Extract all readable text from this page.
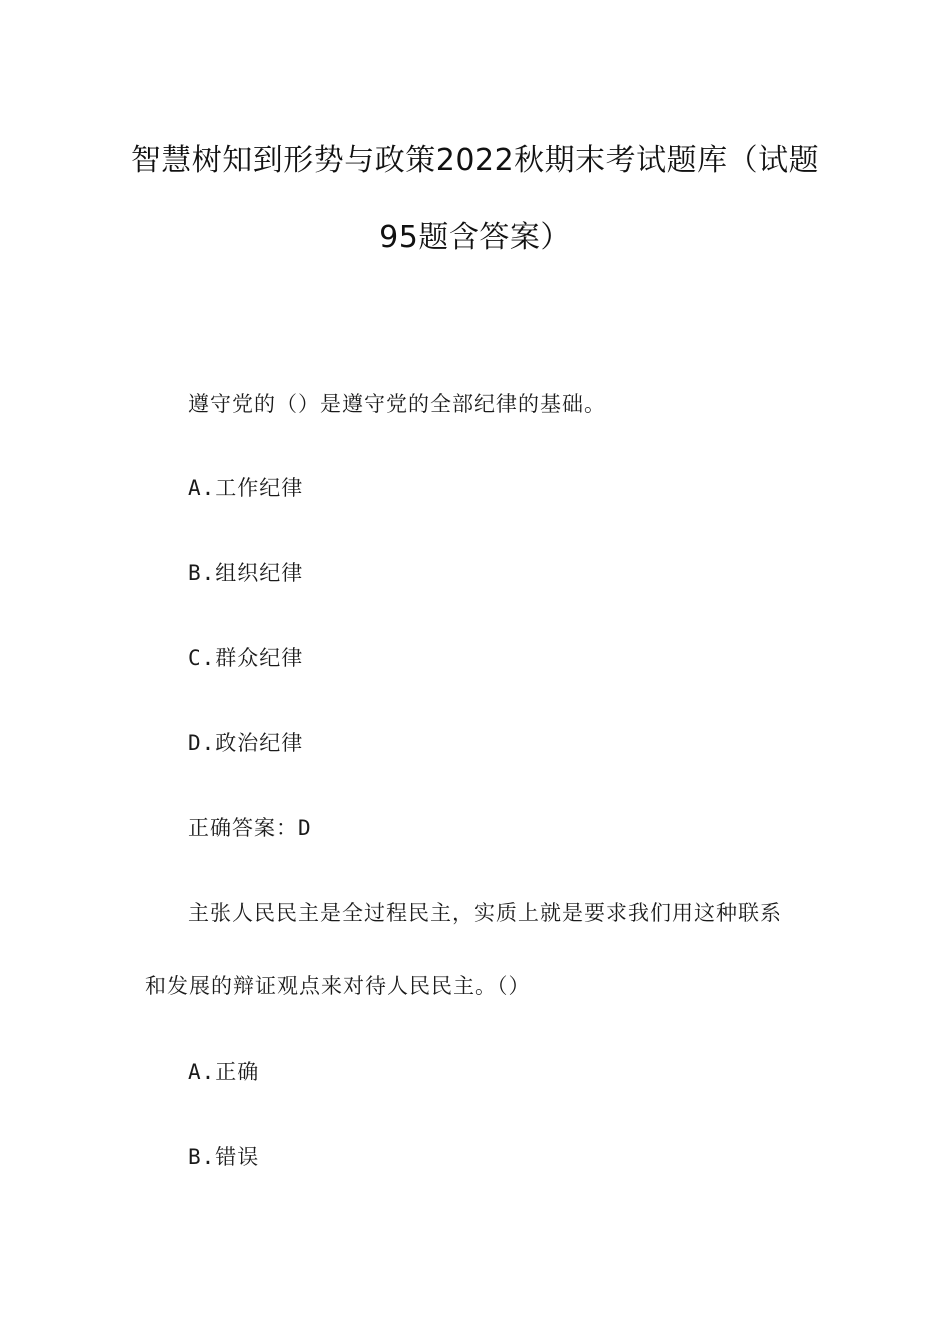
智慧树知到形势与政策2022秋期末考试题库（试题
95题含答案）
遵守党的（）是遵守党的全部纪律的基础。
A.工作纪律
B.组织纪律
C.群众纪律
D.政治纪律
正确答案：D
主张人民民主是全过程民主，实质上就是要求我们用这种联系
和发展的辩证观点来对待人民民主。（）
A.正确
B.错误
